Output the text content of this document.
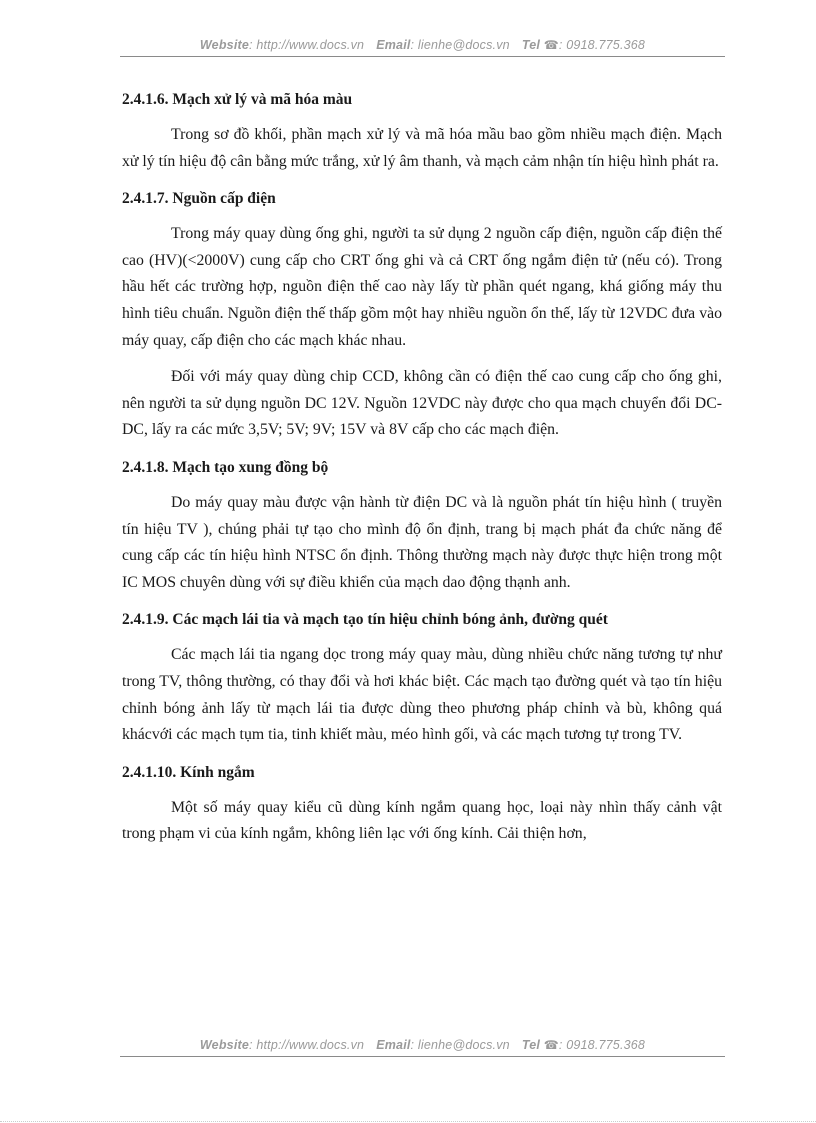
Website: http://www.docs.vn Email: lienhe@docs.vn Tel ☎: 0918.775.368
2.4.1.6. Mạch xử lý và mã hóa màu

Trong sơ đồ khối, phần mạch xử lý và mã hóa mầu bao gồm nhiều mạch điện. Mạch xử lý tín hiệu độ cân bằng mức trắng, xử lý âm thanh, và mạch cảm nhận tín hiệu hình phát ra.

2.4.1.7. Nguồn cấp điện

Trong máy quay dùng ống ghi, người ta sử dụng 2 nguồn cấp điện, nguồn cấp điện thế cao (HV)(<2000V) cung cấp cho CRT ống ghi và cả CRT ống ngắm điện tử (nếu có). Trong hầu hết các trường hợp, nguồn điện thế cao này lấy từ phần quét ngang, khá giống máy thu hình tiêu chuẩn. Nguồn điện thế thấp gồm một hay nhiều nguồn ổn thế, lấy từ 12VDC đưa vào máy quay, cấp điện cho các mạch khác nhau.

Đối với máy quay dùng chip CCD, không cần có điện thế cao cung cấp cho ống ghi, nên người ta sử dụng nguồn DC 12V. Nguồn 12VDC này được cho qua mạch chuyển đổi DC-DC, lấy ra các mức 3,5V; 5V; 9V; 15V và 8V cấp cho các mạch điện.

2.4.1.8. Mạch tạo xung đồng bộ

Do máy quay màu được vận hành từ điện DC và là nguồn phát tín hiệu hình ( truyền tín hiệu TV ), chúng phải tự tạo cho mình độ ổn định, trang bị mạch phát đa chức năng để cung cấp các tín hiệu hình NTSC ổn định. Thông thường mạch này được thực hiện trong một IC MOS chuyên dùng với sự điều khiển của mạch dao động thạnh anh.

2.4.1.9. Các mạch lái tia và mạch tạo tín hiệu chỉnh bóng ảnh, đường quét

Các mạch lái tia ngang dọc trong máy quay màu, dùng nhiều chức năng tương tự như trong TV, thông thường, có thay đổi và hơi khác biệt. Các mạch tạo đường quét và tạo tín hiệu chỉnh bóng ảnh lấy từ mạch lái tia được dùng theo phương pháp chỉnh và bù, không quá khácvới các mạch tụm tia, tinh khiết màu, méo hình gối, và các mạch tương tự trong TV.

2.4.1.10. Kính ngắm

Một số máy quay kiểu cũ dùng kính ngắm quang học, loại này nhìn thấy cảnh vật trong phạm vi của kính ngắm, không liên lạc với ống kính. Cải thiện hơn,

Website: http://www.docs.vn Email: lienhe@docs.vn Tel ☎: 0918.775.368
